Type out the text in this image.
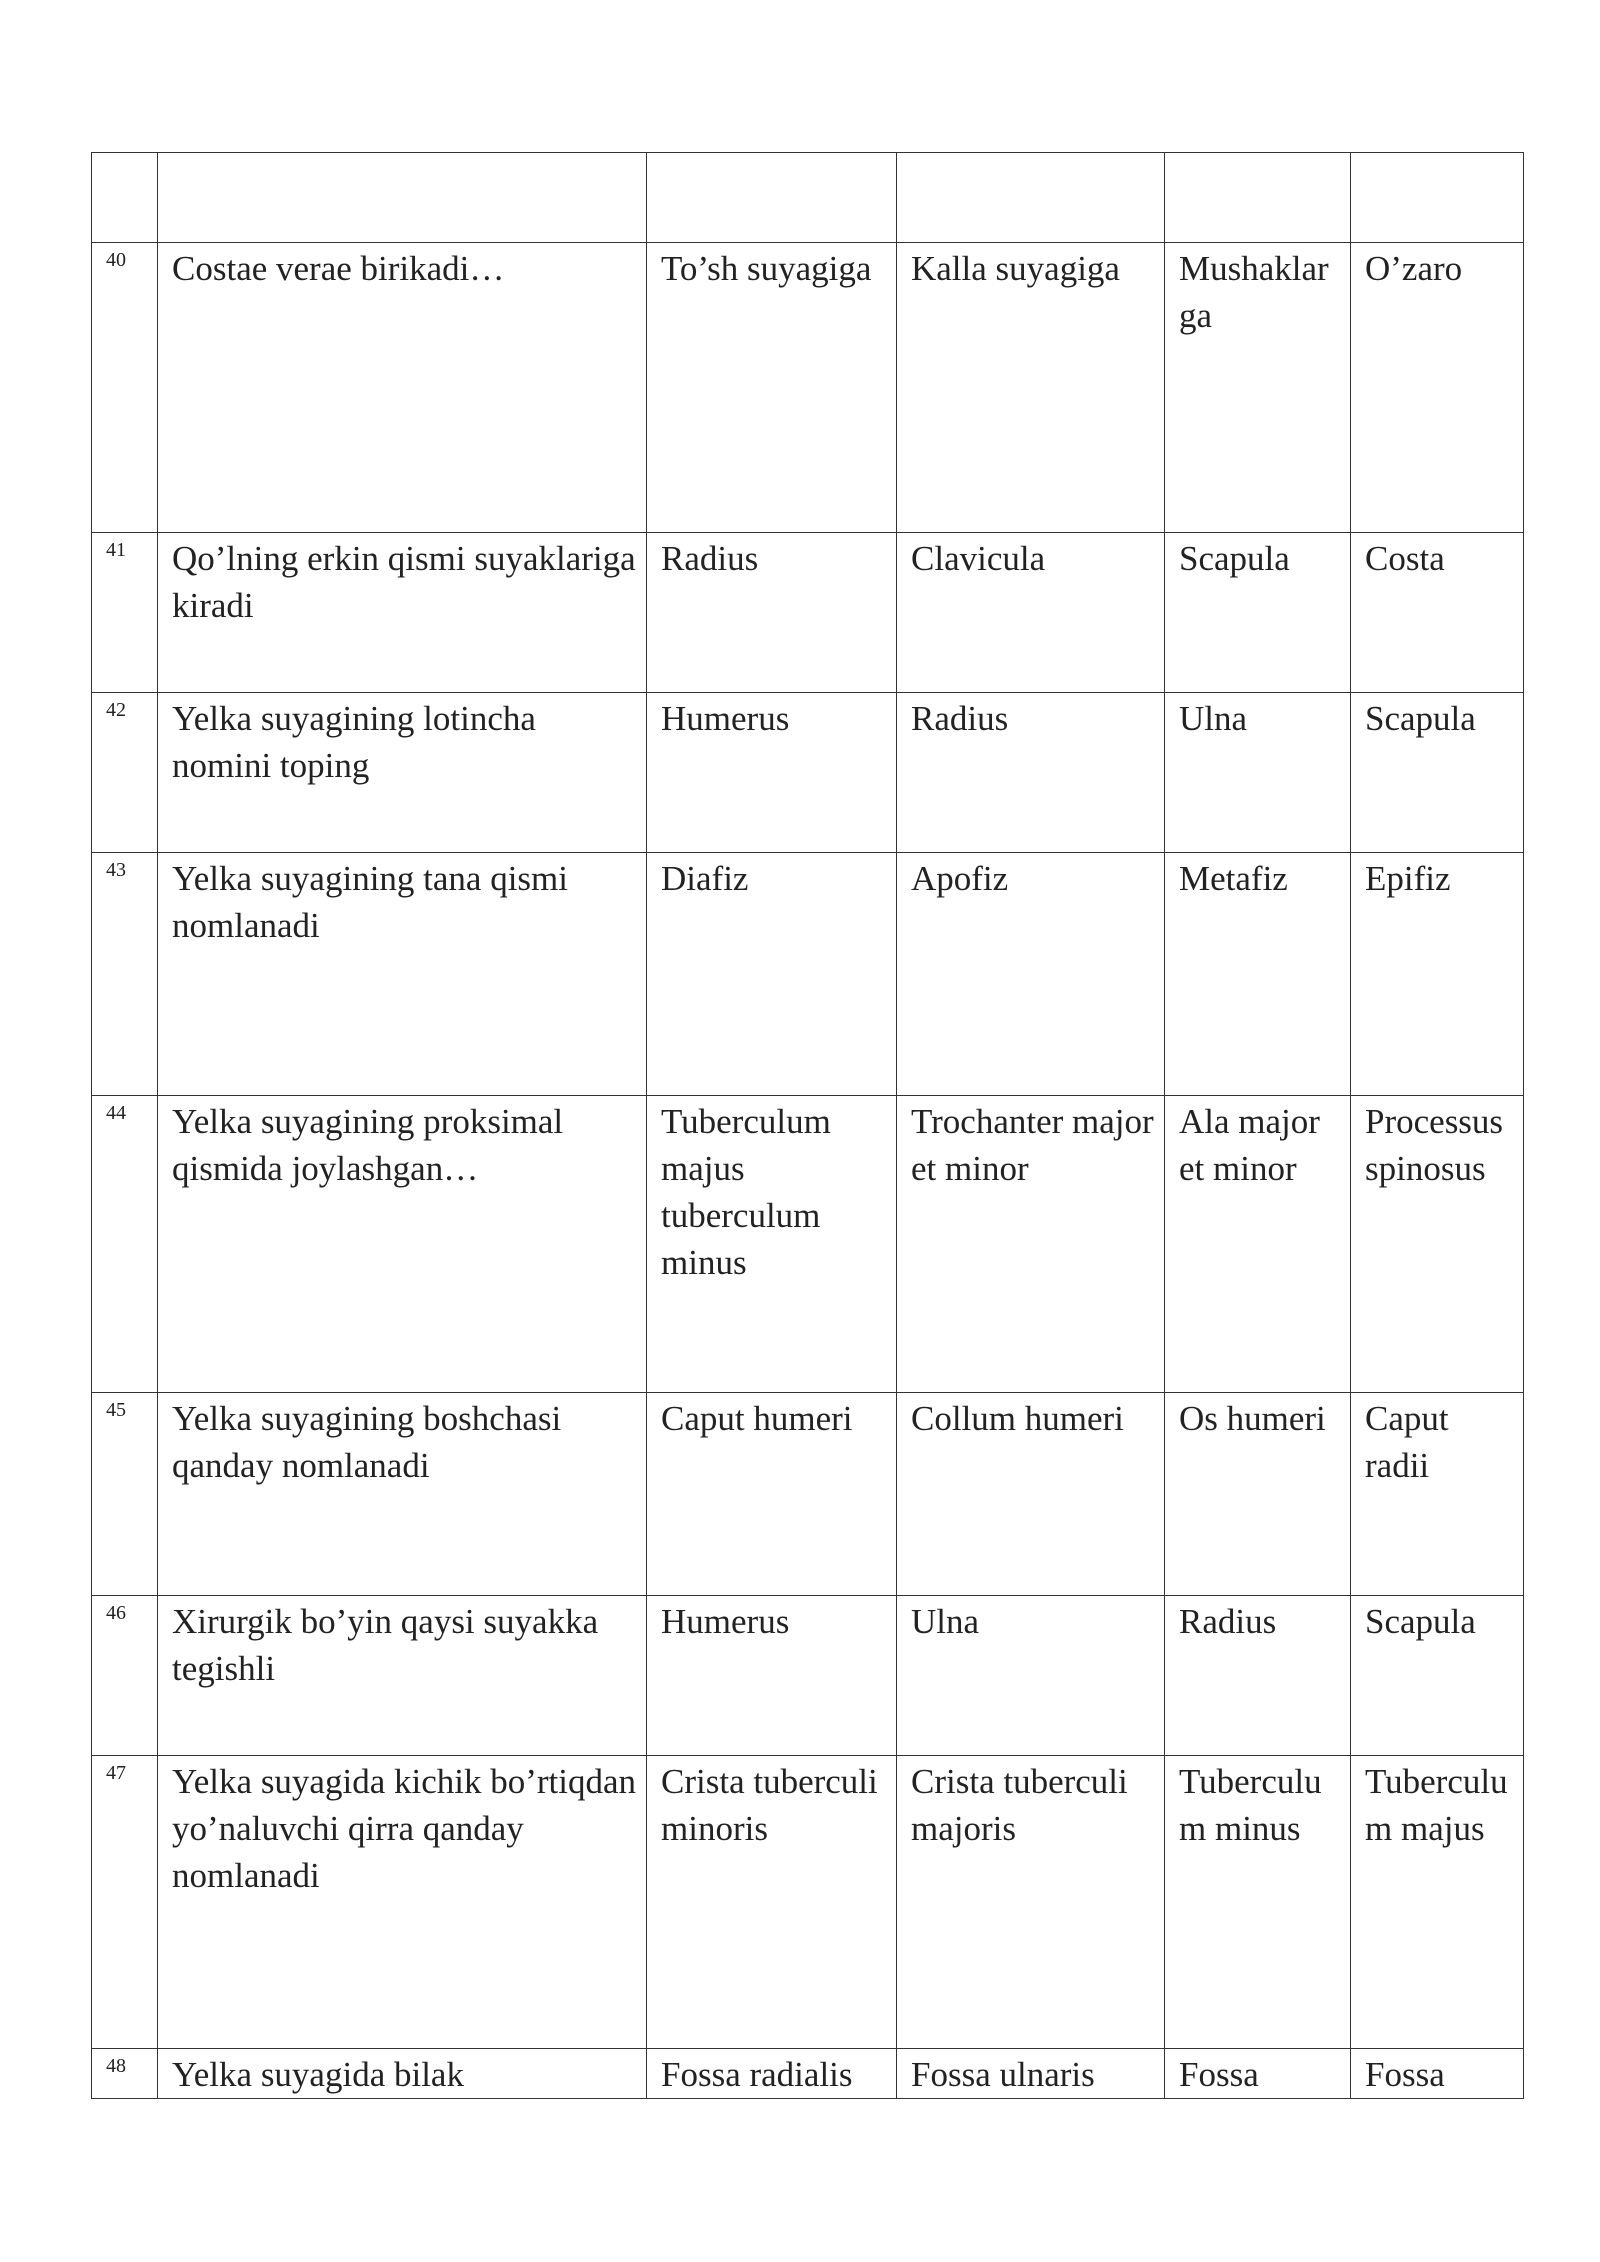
40	Costae verae birikadi…	To’sh suyagiga	Kalla suyagiga	Mushaklarga	O’zaro

41	Qo’lning erkin qismi suyaklariga kiradi	Radius	Clavicula	Scapula	Costa

42	Yelka suyagining lotincha nomini toping	Humerus	Radius	Ulna	Scapula

43	Yelka suyagining tana qismi nomlanadi	Diafiz	Apofiz	Metafiz	Epifiz

44	Yelka suyagining proksimal qismida joylashgan…	Tuberculum majus tuberculum minus	Trochanter major et minor	Ala major et minor	Processus spinosus

45	Yelka suyagining boshchasi qanday nomlanadi	Caput humeri	Collum humeri	Os humeri	Caput radii

46	Xirurgik bo’yin qaysi suyakka tegishli	Humerus	Ulna	Radius	Scapula

47	Yelka suyagida kichik bo’rtiqdan yo’naluvchi qirra qanday nomlanadi	Crista tuberculi minoris	Crista tuberculi majoris	Tuberculum minus	Tuberculum majus

48	Yelka suyagida bilak	Fossa radialis	Fossa ulnaris	Fossa	Fossa
